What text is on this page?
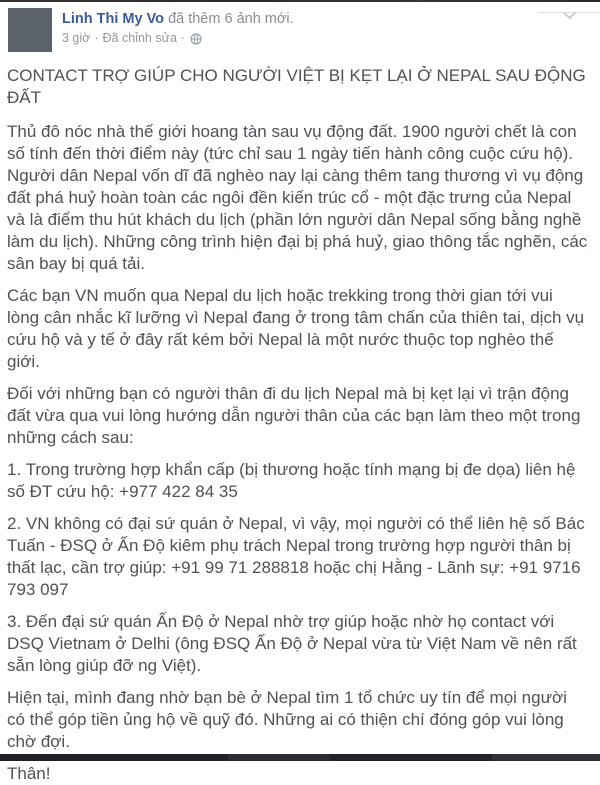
Linh Thi My Vo đã thêm 6 ảnh mới.
3 giờ · Đã chỉnh sửa ·

CONTACT TRỢ GIÚP CHO NGƯỜI VIỆT BỊ KẸT LẠI Ở NEPAL SAU ĐỘNG ĐẤT

Thủ đô nóc nhà thế giới hoang tàn sau vụ động đất. 1900 người chết là con số tính đến thời điểm này (tức chỉ sau 1 ngày tiến hành công cuộc cứu hộ). Người dân Nepal vốn dĩ đã nghèo nay lại càng thêm tang thương vì vụ động đất phá huỷ hoàn toàn các ngôi đền kiến trúc cổ - một đặc trưng của Nepal và là điểm thu hút khách du lịch (phần lớn người dân Nepal sống bằng nghề làm du lịch). Những công trình hiện đại bị phá huỷ, giao thông tắc nghẽn, các sân bay bị quá tải.

Các bạn VN muốn qua Nepal du lịch hoặc trekking trong thời gian tới vui lòng cân nhắc kĩ lưỡng vì Nepal đang ở trong tâm chấn của thiên tai, dịch vụ cứu hộ và y tế ở đây rất kém bởi Nepal là một nước thuộc top nghèo thế giới.

Đối với những bạn có người thân đi du lịch Nepal mà bị kẹt lại vì trận động đất vừa qua vui lòng hướng dẫn người thân của các bạn làm theo một trong những cách sau:

1. Trong trường hợp khẩn cấp (bị thương hoặc tính mạng bị đe dọa) liên hệ số ĐT cứu hộ: +977 422 84 35

2. VN không có đại sứ quán ở Nepal, vì vậy, mọi người có thể liên hệ số Bác Tuấn - ĐSQ ở Ấn Độ kiêm phụ trách Nepal trong trường hợp người thân bị thất lạc, cần trợ giúp: +91 99 71 288818 hoặc chị Hằng - Lãnh sự: +91 9716 793 097

3. Đến đại sứ quán Ấn Độ ở Nepal nhờ trợ giúp hoặc nhờ họ contact với DSQ Vietnam ở Delhi (ông ĐSQ Ấn Độ ở Nepal vừa từ Việt Nam về nên rất sẵn lòng giúp đỡ ng Việt).

Hiện tại, mình đang nhờ bạn bè ở Nepal tìm 1 tổ chức uy tín để mọi người có thể góp tiền ủng hộ về quỹ đó. Những ai có thiện chí đóng góp vui lòng chờ đợi.

Thân!
